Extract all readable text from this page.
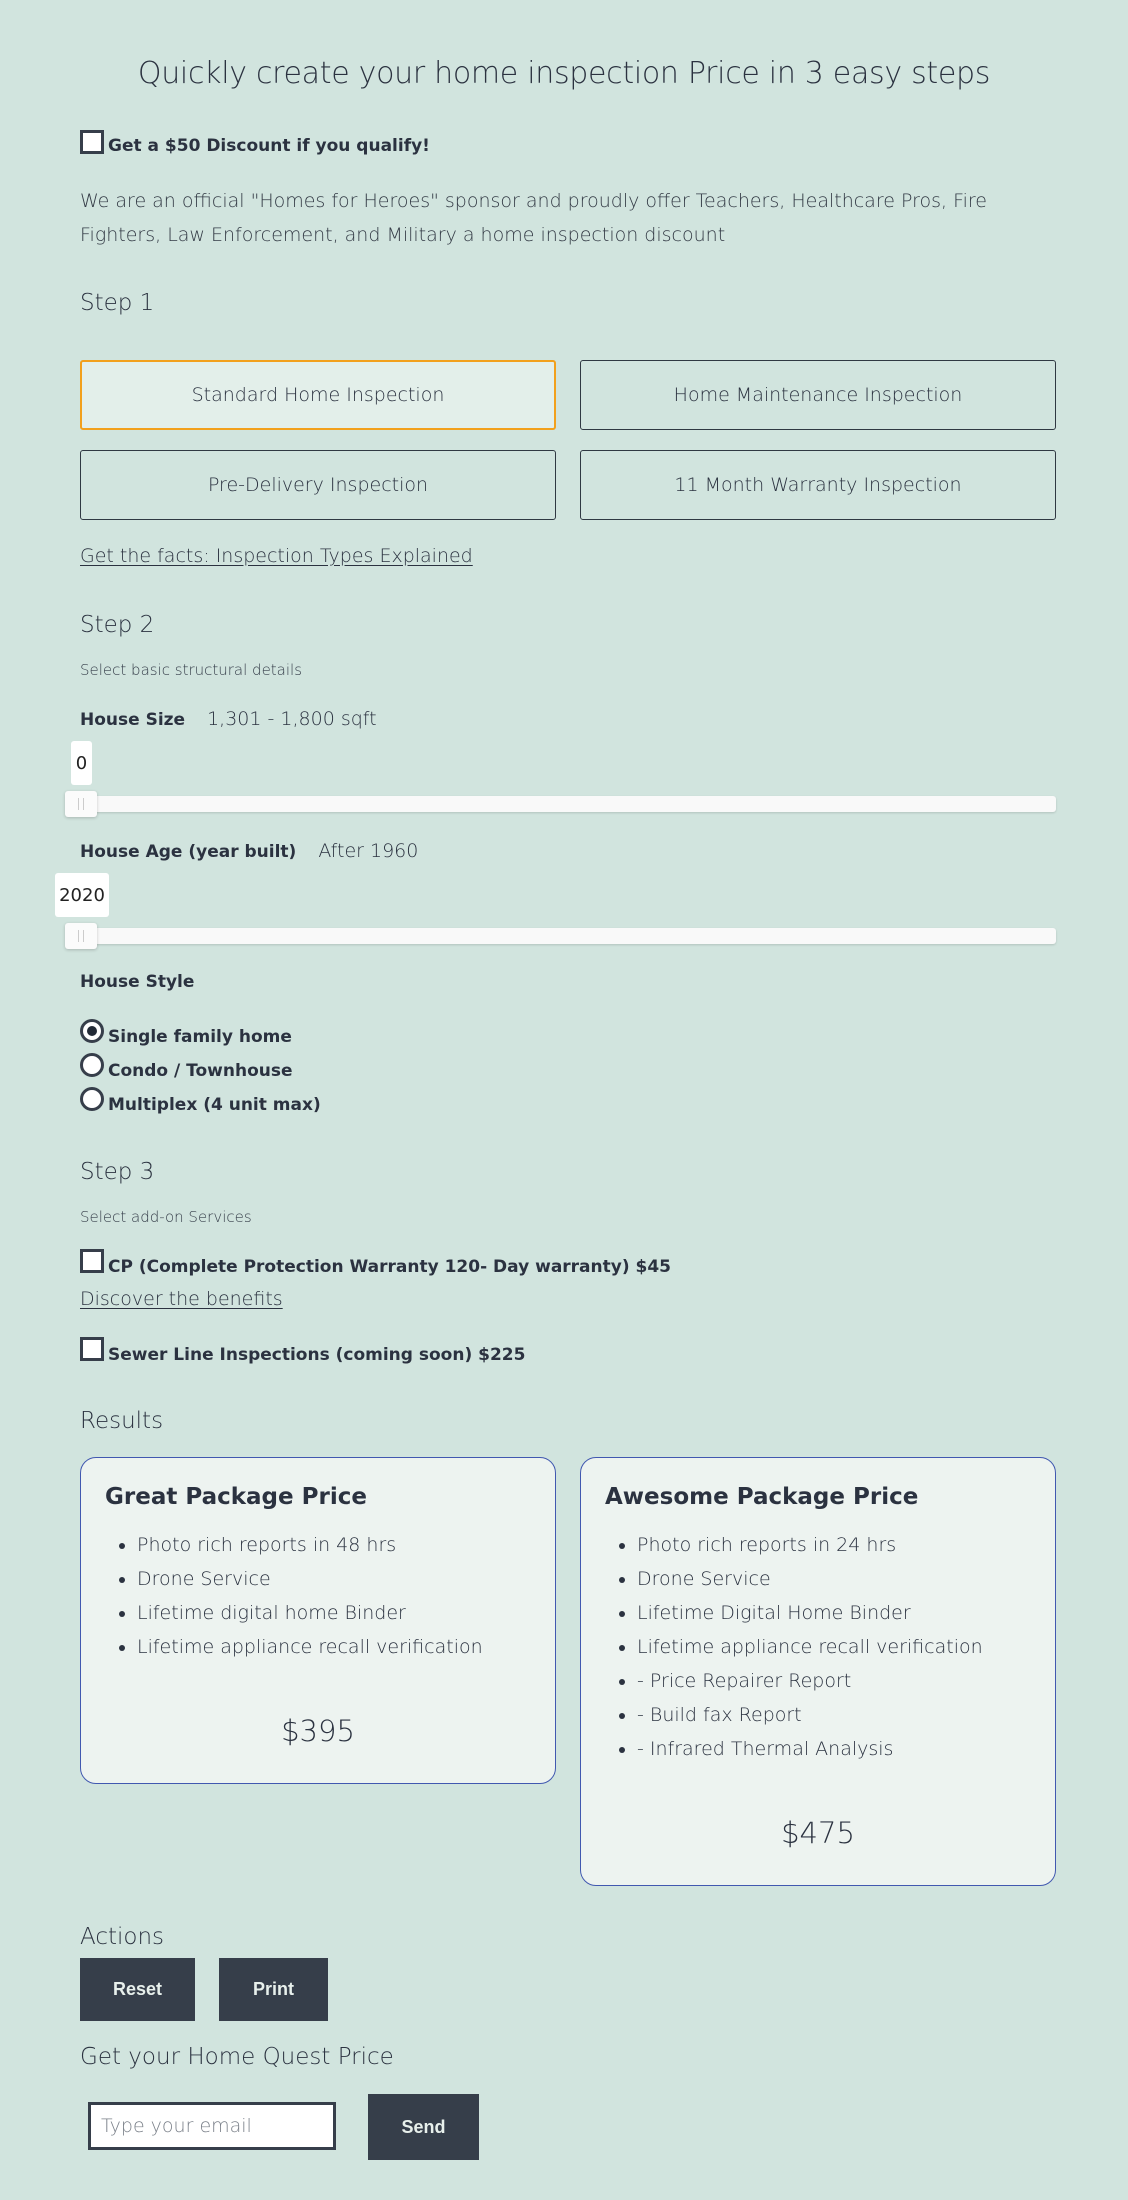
Quickly create your home inspection Price in 3 easy steps
Get a $50 Discount if you qualify!
We are an official "Homes for Heroes" sponsor and proudly offer Teachers, Healthcare Pros, Fire Fighters, Law Enforcement, and Military a home inspection discount
Step 1
Standard Home Inspection	Home Maintenance Inspection
Pre-Delivery Inspection	11 Month Warranty Inspection
Get the facts: Inspection Types Explained
Step 2
Select basic structural details
House Size 1,301 - 1,800 sqft
0
House Age (year built) After 1960
2020
House Style
Single family home
Condo / Townhouse
Multiplex (4 unit max)
Step 3
Select add-on Services
CP (Complete Protection Warranty 120- Day warranty) $45
Discover the benefits
Sewer Line Inspections (coming soon) $225
Results
Great Package Price
• Photo rich reports in 48 hrs
• Drone Service
• Lifetime digital home Binder
• Lifetime appliance recall verification
$395
Awesome Package Price
• Photo rich reports in 24 hrs
• Drone Service
• Lifetime Digital Home Binder
• Lifetime appliance recall verification
• - Price Repairer Report
• - Build fax Report
• - Infrared Thermal Analysis
$475
Actions
Reset	Print
Get your Home Quest Price
Type your email
Send
